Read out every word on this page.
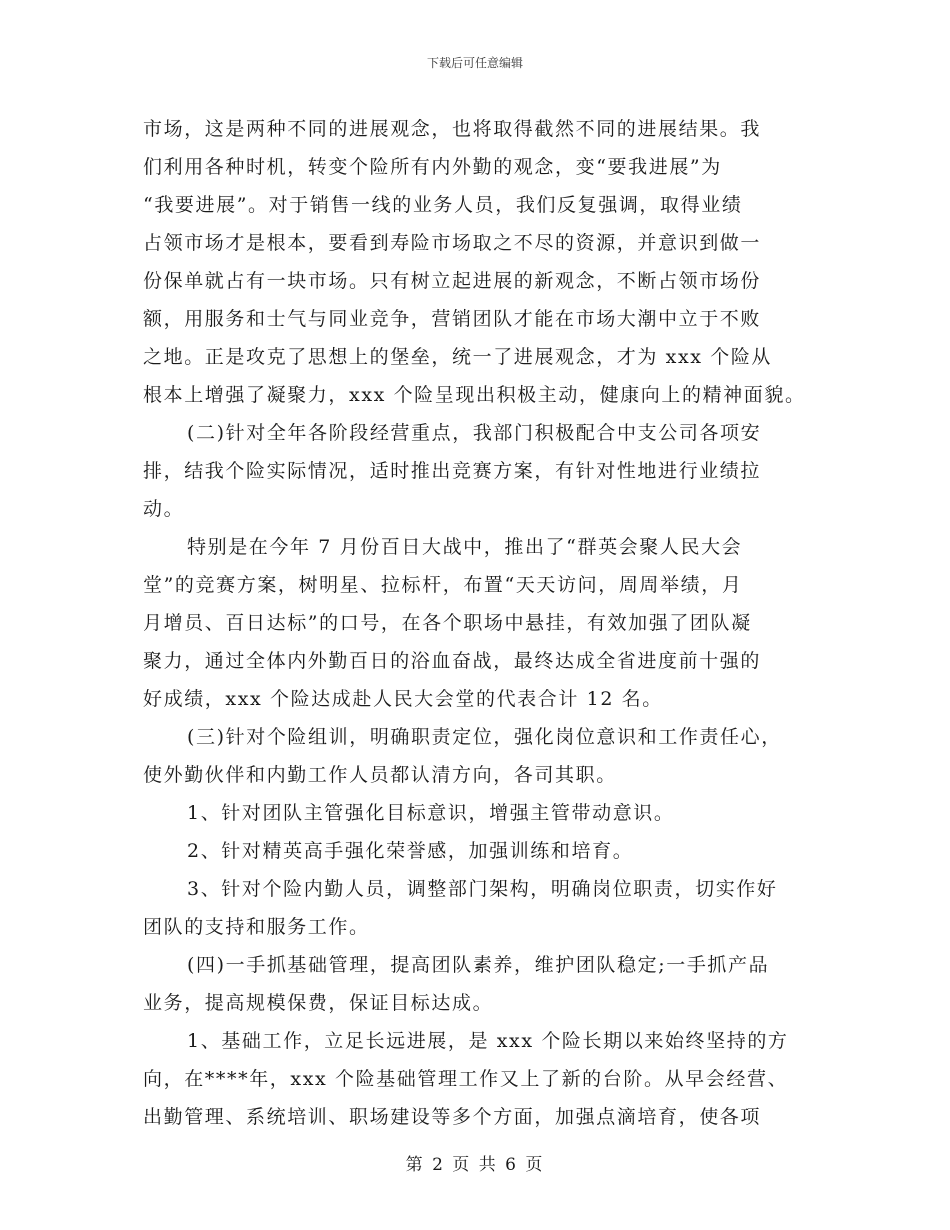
下载后可任意编辑
市场，这是两种不同的进展观念，也将取得截然不同的进展结果。我
们利用各种时机，转变个险所有内外勤的观念，变“要我进展”为
“我要进展”。对于销售一线的业务人员，我们反复强调，取得业绩
占领市场才是根本，要看到寿险市场取之不尽的资源，并意识到做一
份保单就占有一块市场。只有树立起进展的新观念，不断占领市场份
额，用服务和士气与同业竞争，营销团队才能在市场大潮中立于不败
之地。正是攻克了思想上的堡垒，统一了进展观念，才为 xxx 个险从
根本上增强了凝聚力，xxx 个险呈现出积极主动，健康向上的精神面貌。
(二)针对全年各阶段经营重点，我部门积极配合中支公司各项安
排，结我个险实际情况，适时推出竞赛方案，有针对性地进行业绩拉
动。
特别是在今年 7 月份百日大战中，推出了“群英会聚人民大会
堂”的竞赛方案，树明星、拉标杆，布置“天天访问，周周举绩，月
月增员、百日达标”的口号，在各个职场中悬挂，有效加强了团队凝
聚力，通过全体内外勤百日的浴血奋战，最终达成全省进度前十强的
好成绩，xxx 个险达成赴人民大会堂的代表合计 12 名。
(三)针对个险组训，明确职责定位，强化岗位意识和工作责任心，
使外勤伙伴和内勤工作人员都认清方向，各司其职。
1、针对团队主管强化目标意识，增强主管带动意识。
2、针对精英高手强化荣誉感，加强训练和培育。
3、针对个险内勤人员，调整部门架构，明确岗位职责，切实作好
团队的支持和服务工作。
(四)一手抓基础管理，提高团队素养，维护团队稳定;一手抓产品
业务，提高规模保费，保证目标达成。
1、基础工作，立足长远进展，是 xxx 个险长期以来始终坚持的方
向，在****年，xxx 个险基础管理工作又上了新的台阶。从早会经营、
出勤管理、系统培训、职场建设等多个方面，加强点滴培育，使各项
第 2 页 共 6 页
